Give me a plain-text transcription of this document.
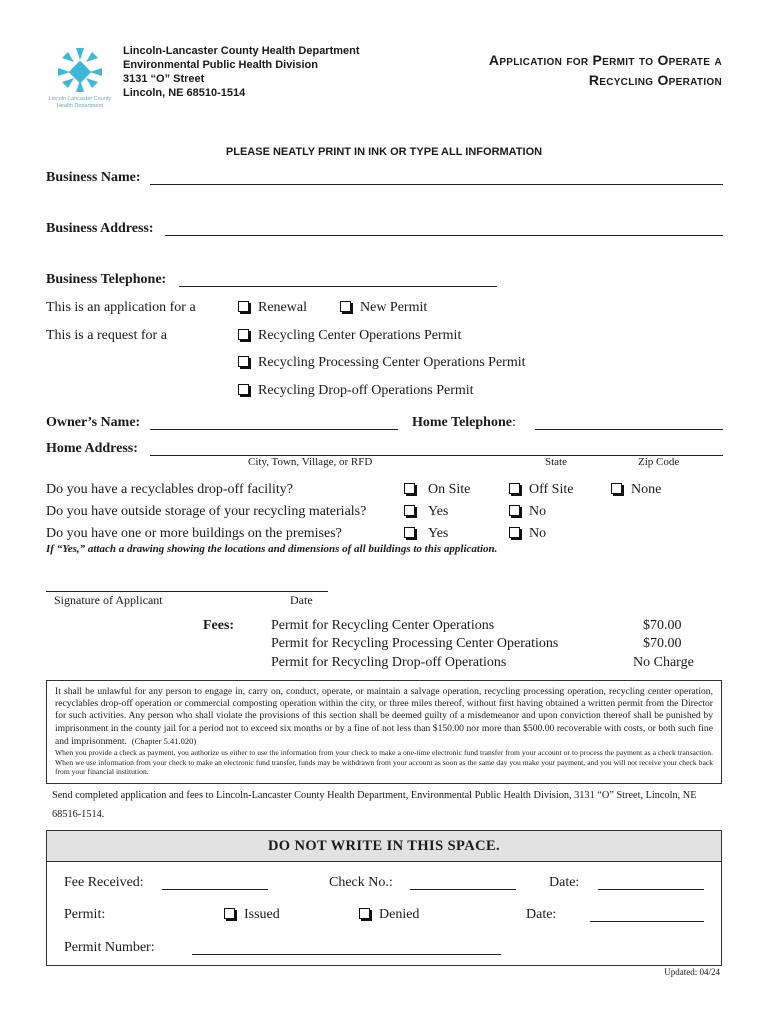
Lincoln-Lancaster County
Health Department
Lincoln-Lancaster County Health Department
Environmental Public Health Division
3131 “O” Street
Lincoln, NE 68510-1514
Application for Permit to Operate a
Recycling Operation
PLEASE NEATLY PRINT IN INK OR TYPE ALL INFORMATION
Business Name:
Business Address:
Business Telephone:
This is an application for a	Renewal	New Permit
This is a request for a	Recycling Center Operations Permit
Recycling Processing Center Operations Permit
Recycling Drop-off Operations Permit
Owner’s Name:	Home Telephone:
Home Address:
City, Town, Village, or RFD	State	Zip Code
Do you have a recyclables drop-off facility?	On Site	Off Site	None
Do you have outside storage of your recycling materials?	Yes	No
Do you have one or more buildings on the premises?	Yes	No
If “Yes,” attach a drawing showing the locations and dimensions of all buildings to this application.
Signature of Applicant	Date
Fees:	Permit for Recycling Center Operations	$70.00
Permit for Recycling Processing Center Operations	$70.00
Permit for Recycling Drop-off Operations	No Charge
It shall be unlawful for any person to engage in, carry on, conduct, operate, or maintain a salvage operation, recycling processing operation, recycling center operation, recyclables drop-off operation or commercial composting operation within the city, or three miles thereof, without first having obtained a written permit from the Director for such activities. Any person who shall violate the provisions of this section shall be deemed guilty of a misdemeanor and upon conviction thereof shall be punished by imprisonment in the county jail for a period not to exceed six months or by a fine of not less than $150.00 nor more than $500.00 recoverable with costs, or both such fine and imprisonment. (Chapter 5.41.020)
When you provide a check as payment, you authorize us either to use the information from your check to make a one-time electronic fund transfer from your account or to process the payment as a check transaction. When we use information from your check to make an electronic fund transfer, funds may be withdrawn from your account as soon as the same day you make your payment, and you will not receive your check back from your financial institution.
Send completed application and fees to Lincoln-Lancaster County Health Department, Environmental Public Health Division, 3131 “O” Street, Lincoln, NE 68516-1514.
DO NOT WRITE IN THIS SPACE.
Fee Received:	Check No.:	Date:
Permit:	Issued	Denied	Date:
Permit Number:
Updated: 04/24
